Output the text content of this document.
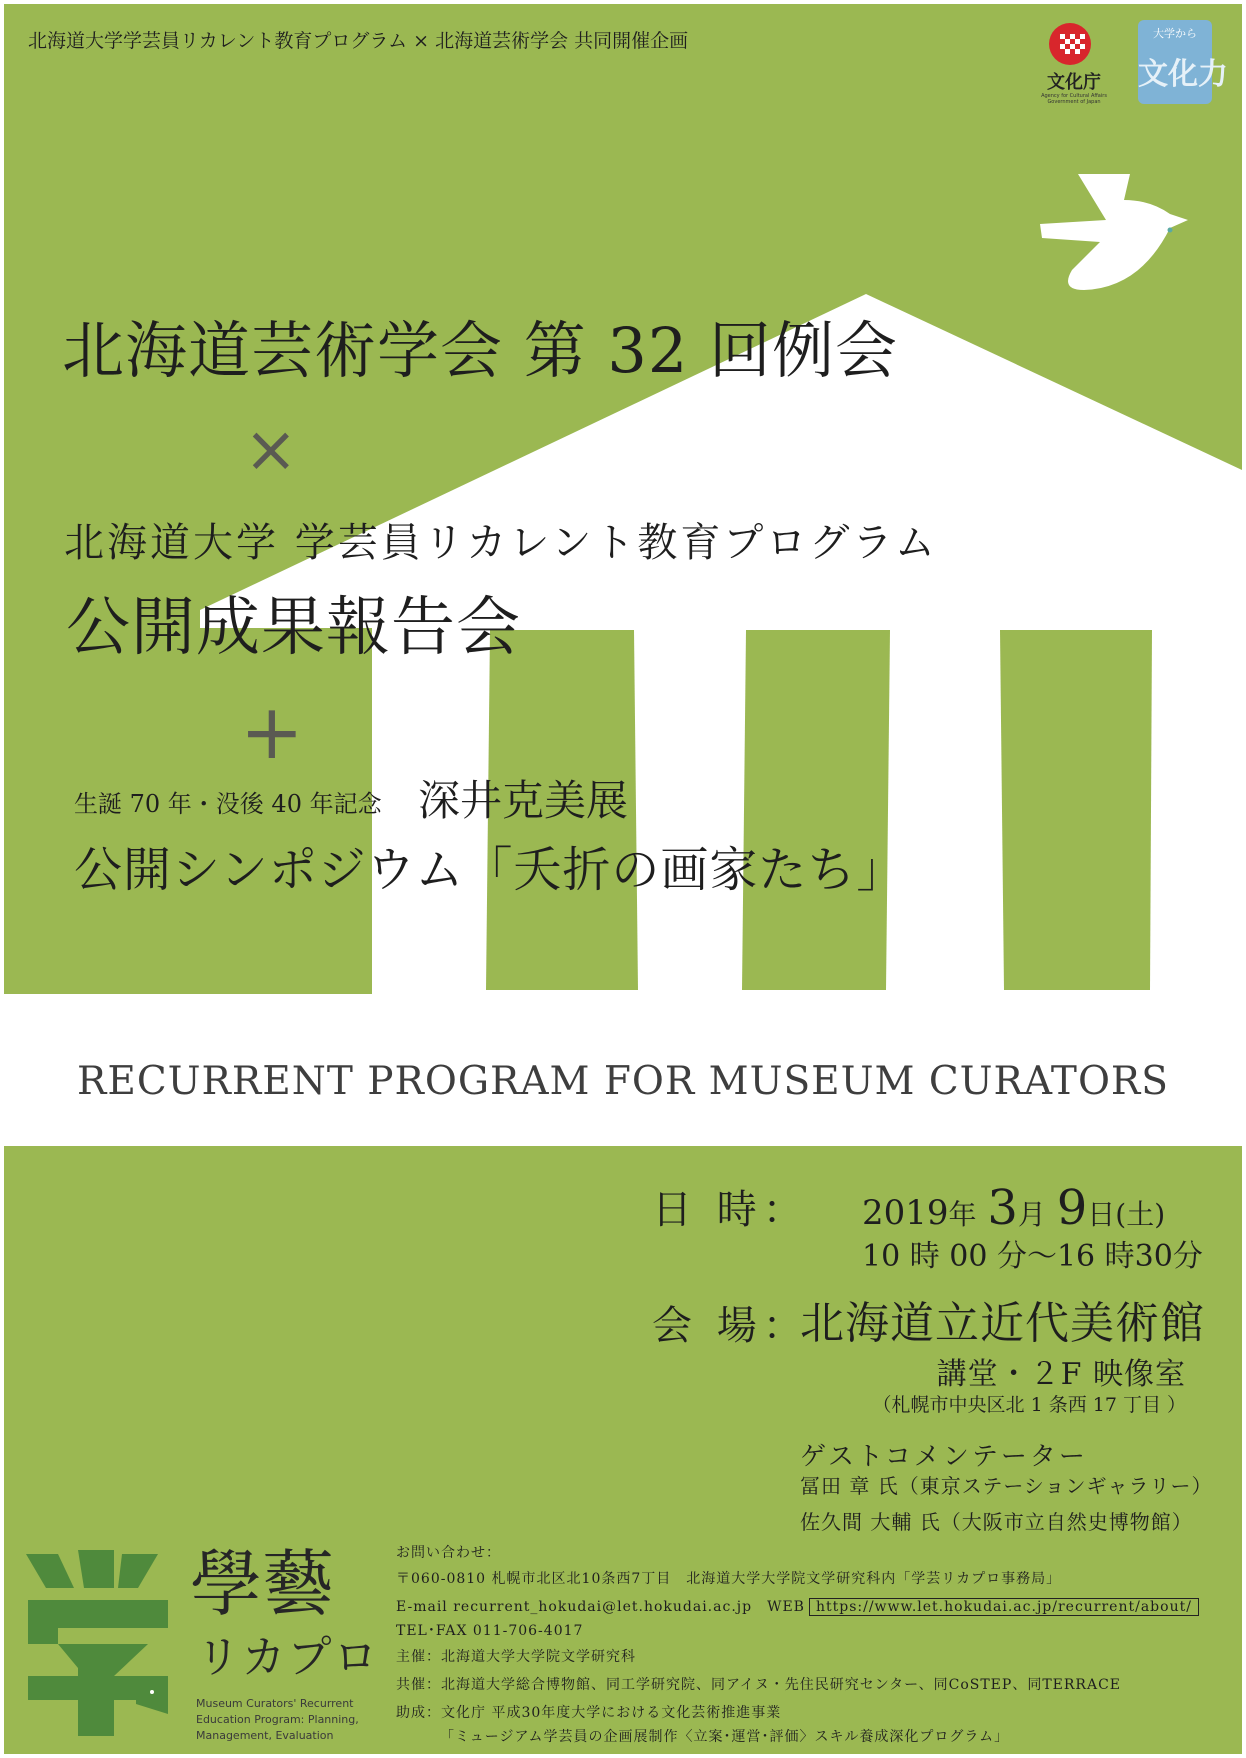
.
北海道大学学芸員リカレント教育プログラム × 北海道芸術学会 共同開催企画
文化庁
Agency for Cultural Affairs
Government of Japan
大学から
文化力
北海道芸術学会 第 32 回例会
×
北海道大学 学芸員リカレント教育プログラム
公開成果報告会
+
生誕 70 年・没後 40 年記念 深井克美展
公開シンポジウム「夭折の画家たち」
RECURRENT PROGRAM FOR MUSEUM CURATORS
日 時： 2019年 3月 9日(土)
10 時 00 分～16 時30分
会 場：
北海道立近代美術館
講堂・２F 映像室
（札幌市中央区北 1 条西 17 丁目 ）
ゲストコメンテーター
冨田 章 氏（東京ステーションギャラリー）
佐久間 大輔 氏（大阪市立自然史博物館）
學藝
リカプロ
Museum Curators' Recurrent
Education Program: Planning,
Management, Evaluation
お問い合わせ：
〒060-0810 札幌市北区北10条西7丁目　北海道大学大学院文学研究科内「学芸リカプロ事務局」
E-mail recurrent_hokudai@let.hokudai.ac.jp　WEB https://www.let.hokudai.ac.jp/recurrent/about/
TEL･FAX 011-706-4017
主催：北海道大学大学院文学研究科
共催：北海道大学総合博物館、同工学研究院、同アイヌ・先住民研究センター、同CoSTEP、同TERRACE
助成：文化庁 平成30年度大学における文化芸術推進事業
「ミュージアム学芸員の企画展制作〈立案･運営･評価〉スキル養成深化プログラム」
